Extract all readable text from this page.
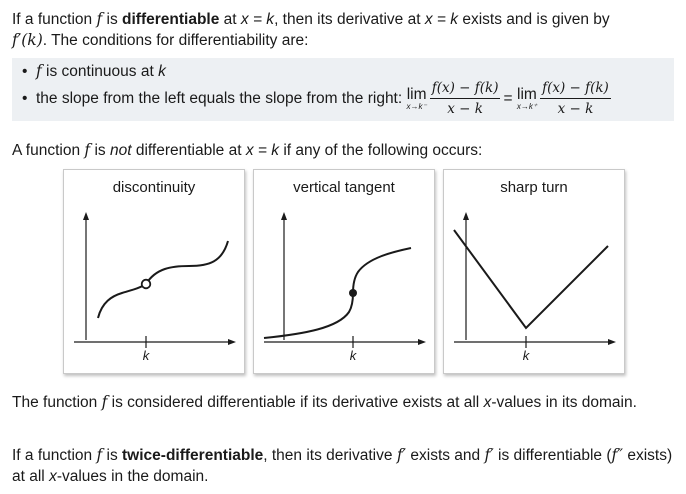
If a function f is differentiable at x = k, then its derivative at x = k exists and is given by
f′(k). The conditions for differentiability are:

• f is continuous at k
• the slope from the left equals the slope from the right: lim
$x\to k^- \frac{f(x) - f(k)}{x - k} = \lim$
$x\to k^+ \frac{f(x) - f(k)}{x - k}$

A function f is not differentiable at x = k if any of the following occurs:

discontinuity
k
vertical tangent
k
sharp turn
k

The function f is considered differentiable if its derivative exists at all x-values in its domain.

If a function f is twice-differentiable, then its derivative f′ exists and f′ is differentiable (f″ exists) at all x-values in the domain.
